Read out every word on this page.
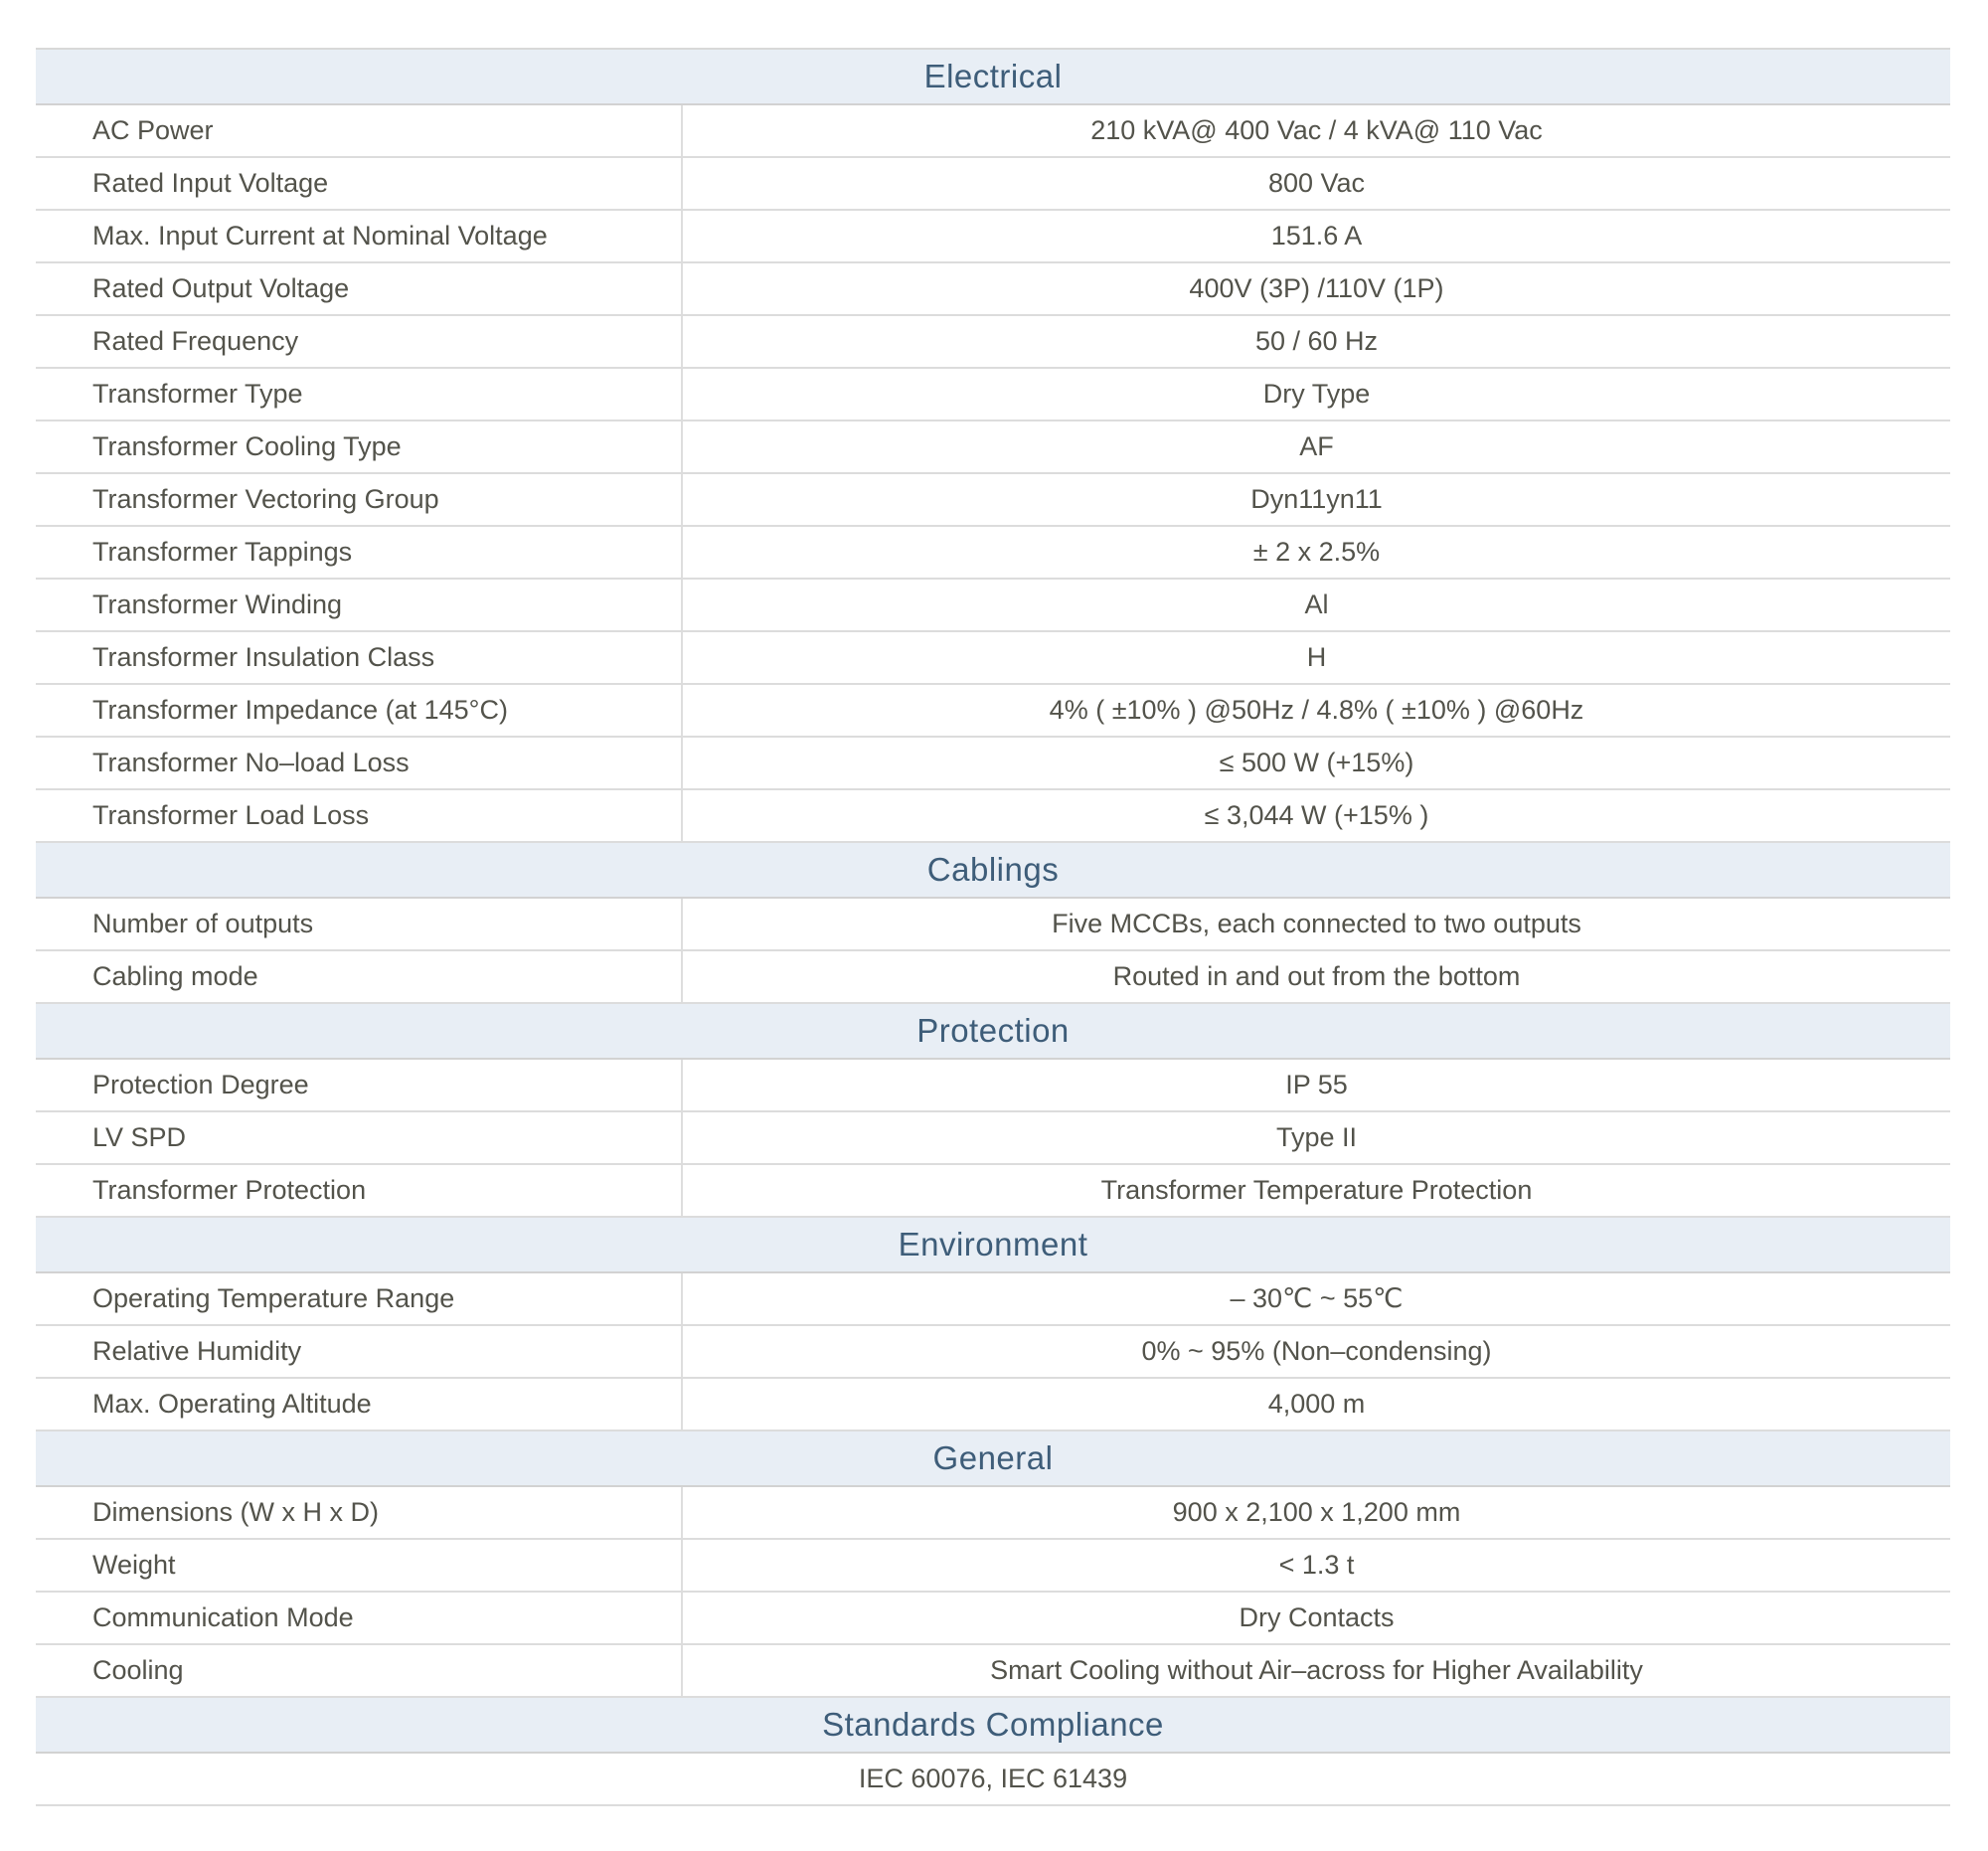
Electrical
AC Power	210 kVA@ 400 Vac / 4 kVA@ 110 Vac
Rated Input Voltage	800 Vac
Max. Input Current at Nominal Voltage	151.6 A
Rated Output Voltage	400V (3P) /110V (1P)
Rated Frequency	50 / 60 Hz
Transformer Type	Dry Type
Transformer Cooling Type	AF
Transformer Vectoring Group	Dyn11yn11
Transformer Tappings	± 2 x 2.5%
Transformer Winding	Al
Transformer Insulation Class	H
Transformer Impedance (at 145°C)	4% ( ±10% ) @50Hz / 4.8% ( ±10% ) @60Hz
Transformer No–load Loss	≤ 500 W (+15%)
Transformer Load Loss	≤ 3,044 W (+15% )
Cablings
Number of outputs	Five MCCBs, each connected to two outputs
Cabling mode	Routed in and out from the bottom
Protection
Protection Degree	IP 55
LV SPD	Type II
Transformer Protection	Transformer Temperature Protection
Environment
Operating Temperature Range	– 30℃ ~ 55℃
Relative Humidity	0% ~ 95% (Non–condensing)
Max. Operating Altitude	4,000 m
General
Dimensions (W x H x D)	900 x 2,100 x 1,200 mm
Weight	< 1.3 t
Communication Mode	Dry Contacts
Cooling	Smart Cooling without Air–across for Higher Availability
Standards Compliance
IEC 60076, IEC 61439
